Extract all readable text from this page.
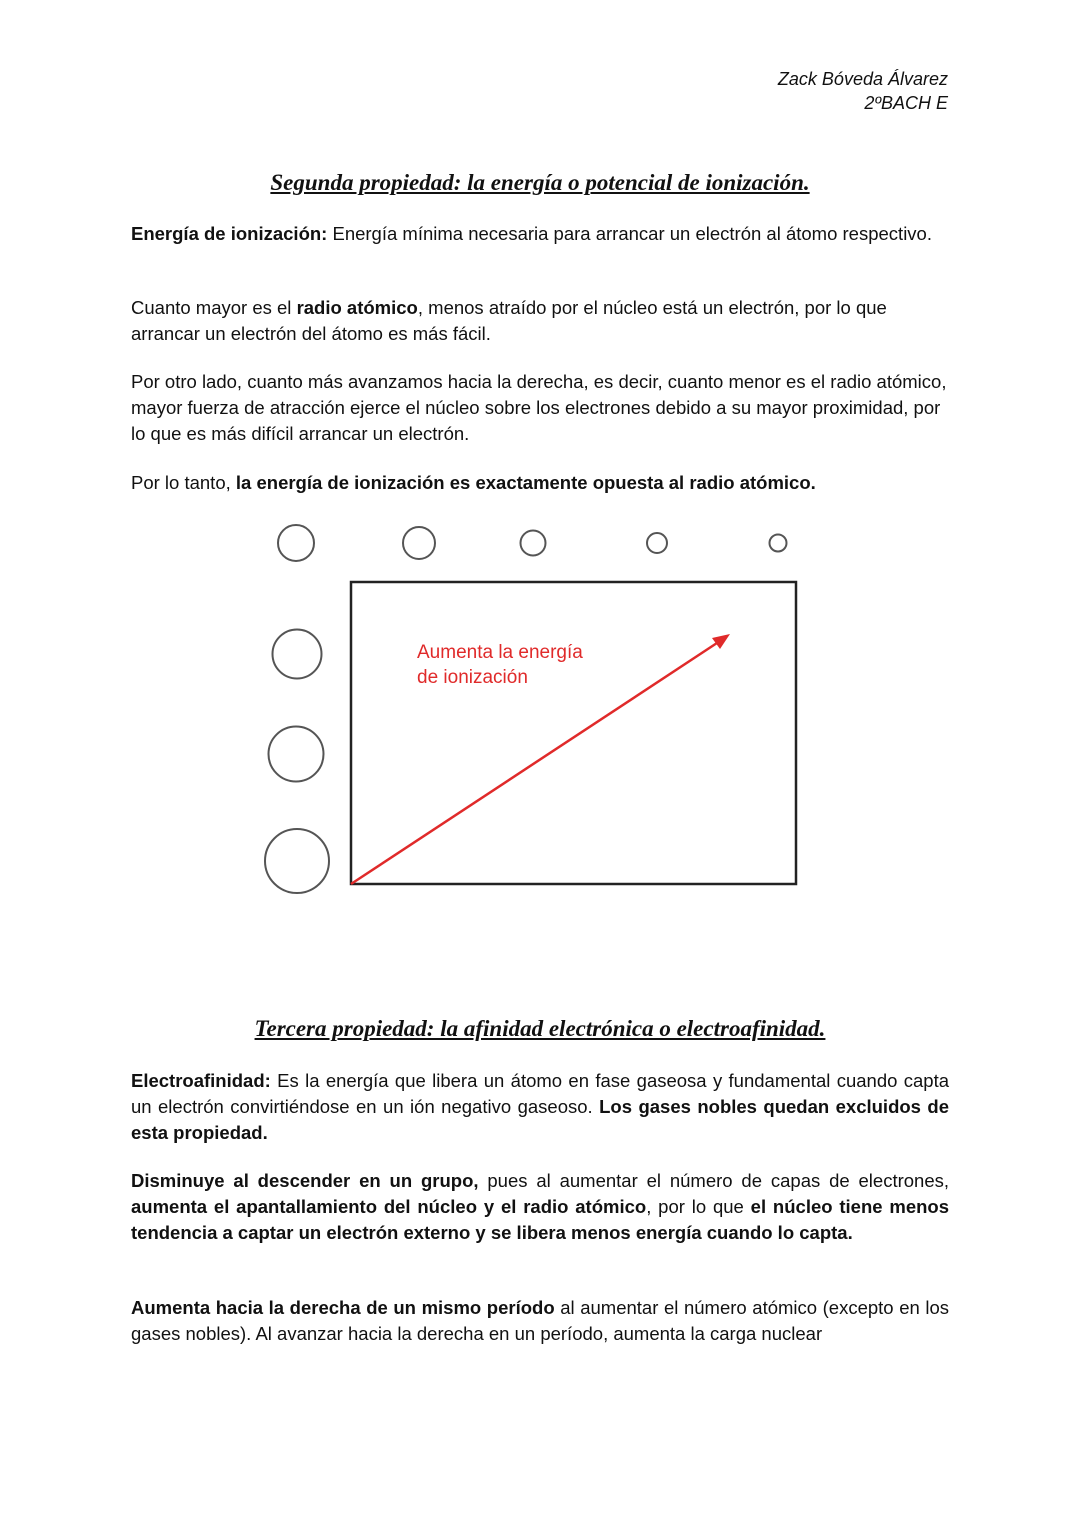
Zack Bóveda Álvarez
2ºBACH E
Segunda propiedad: la energía o potencial de ionización.

Energía de ionización: Energía mínima necesaria para arrancar un electrón al átomo respectivo.

Cuanto mayor es el radio atómico, menos atraído por el núcleo está un electrón, por lo que arrancar un electrón del átomo es más fácil.

Por otro lado, cuanto más avanzamos hacia la derecha, es decir, cuanto menor es el radio atómico, mayor fuerza de atracción ejerce el núcleo sobre los electrones debido a su mayor proximidad, por lo que es más difícil arrancar un electrón.

Por lo tanto, la energía de ionización es exactamente opuesta al radio atómico.

Aumenta la energía
de ionización
Tercera propiedad: la afinidad electrónica o electroafinidad.

Electroafinidad: Es la energía que libera un átomo en fase gaseosa y fundamental cuando capta un electrón convirtiéndose en un ión negativo gaseoso. Los gases nobles quedan excluidos de esta propiedad.

Disminuye al descender en un grupo, pues al aumentar el número de capas de electrones, aumenta el apantallamiento del núcleo y el radio atómico, por lo que el núcleo tiene menos tendencia a captar un electrón externo y se libera menos energía cuando lo capta.

Aumenta hacia la derecha de un mismo período al aumentar el número atómico (excepto en los gases nobles). Al avanzar hacia la derecha en un período, aumenta la carga nuclear
